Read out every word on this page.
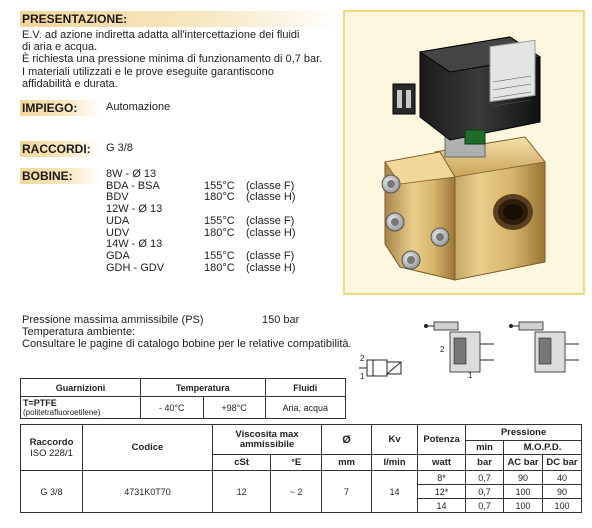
PRESENTAZIONE:
E.V. ad azione indiretta adatta all'intercettazione dei fluidi
di aria e acqua.
È richiesta una pressione minima di funzionamento di 0,7 bar.
I materiali utilizzati e le prove eseguite garantiscono
affidabilità e durata.
IMPIEGO:	Automazione
RACCORDI:	G 3/8
BOBINE:	8W - Ø 13
BDA - BSA	155°C (classe F)
BDV	180°C (classe H)
12W - Ø 13
UDA	155°C (classe F)
UDV	180°C (classe H)
14W - Ø 13
GDA	155°C (classe F)
GDH - GDV	180°C (classe H)
Pressione massima ammissibile (PS)	150 bar
Temperatura ambiente:
Consultare le pagine di catalogo bobine per le relative compatibilità.
2
1
2
1
Guarnizioni	Temperatura		Fluidi

T=PTFE
(politetrafluoroetilene)	- 40°C	+98°C	Aria, acqua
Raccordo
ISO 228/1	Codice	Viscosita max ammissibile		Ø	Kv	Potenza	Pressione		
							min	M.O.P.D.	
		cSt	°E	mm	l/min	watt	bar	AC bar	DC bar
G 3/8	4731K0T70	12	~ 2	7	14	8*	0,7	90	40
						12*	0,7	100	90
						14	0,7	100	100
